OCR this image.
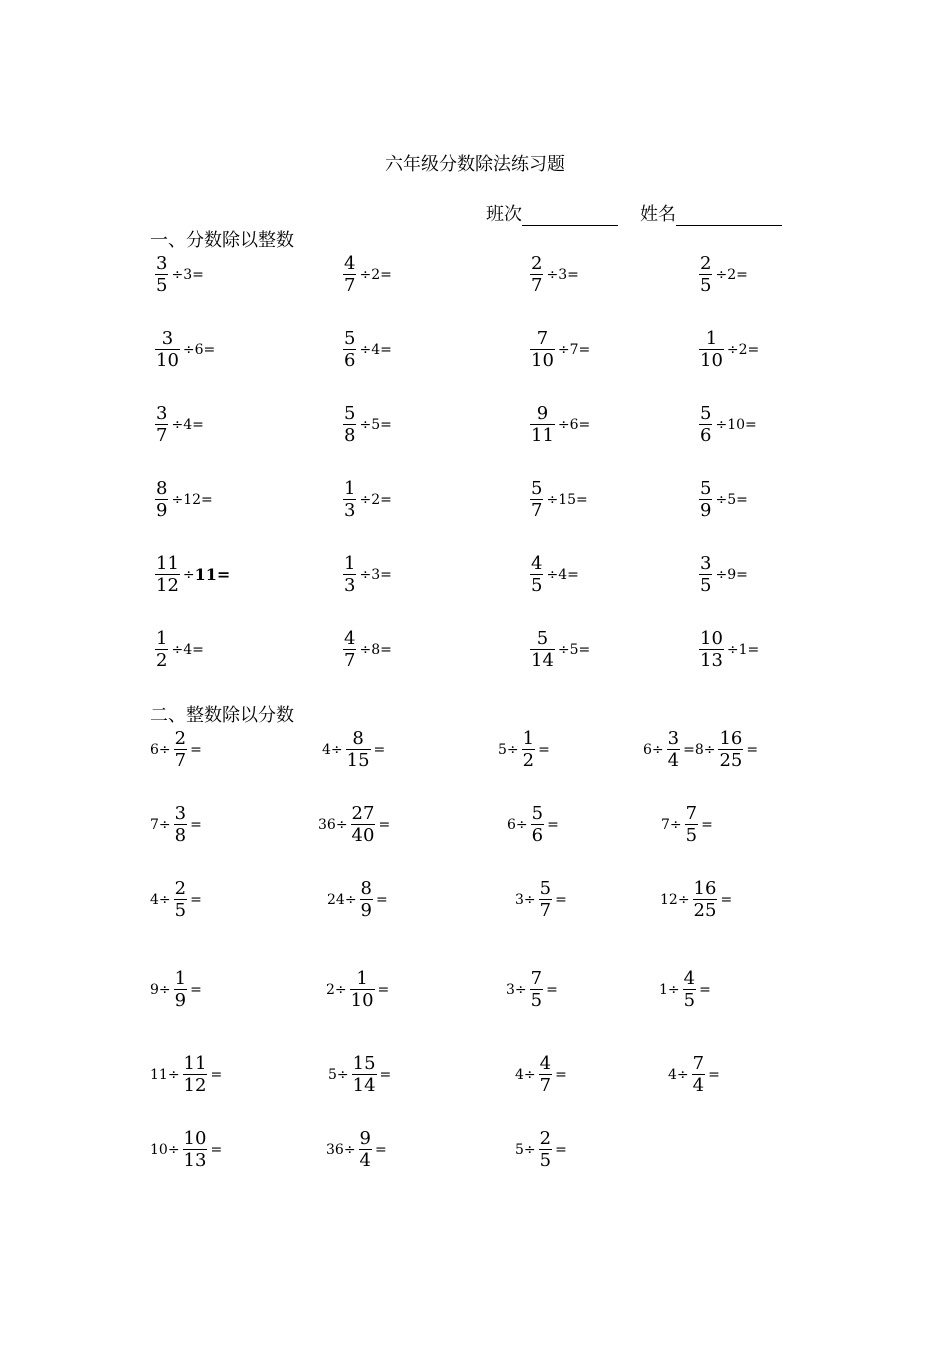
六年级分数除法练习题
班次	姓名
一、分数除以整数
二、整数除以分数
$\frac{3}{5} \div 3=$	$\frac{4}{7} \div 2=$	$\frac{2}{7} \div 3=$	$\frac{2}{5} \div 2=$
$\frac{3}{10} \div 6=$	$\frac{5}{6} \div 4=$	$\frac{7}{10} \div 7=$	$\frac{1}{10} \div 2=$
$\frac{3}{7} \div 4=$	$\frac{5}{8} \div 5=$	$\frac{9}{11} \div 6=$	$\frac{5}{6} \div 10=$
$\frac{8}{9} \div 12=$	$\frac{1}{3} \div 2=$	$\frac{5}{7} \div 15=$	$\frac{5}{9} \div 5=$
$\frac{11}{12} \div 11=$	$\frac{1}{3} \div 3=$	$\frac{4}{5} \div 4=$	$\frac{3}{5} \div 9=$
$\frac{1}{2} \div 4=$	$\frac{4}{7} \div 8=$	$\frac{5}{14} \div 5=$	$\frac{10}{13} \div 1=$
$6\div \frac{2}{7}$ =	$4\div \frac{8}{15}$ =	$5\div \frac{1}{2}$ =	$6\div \frac{3}{4} =8\div \frac{16}{25}$ =
$7\div \frac{3}{8}$ =	$36\div \frac{27}{40}$ =	$6\div \frac{5}{6}$ =	$7\div \frac{7}{5}$ =
$4\div \frac{2}{5}$ =	$24\div \frac{8}{9}$ =	$3\div \frac{5}{7}$ =	$12\div \frac{16}{25}$ =
$9\div \frac{1}{9}$ =	$2\div \frac{1}{10}$ =	$3\div \frac{7}{5}$ =	$1\div \frac{4}{5}$ =
$11\div \frac{11}{12}$ =	$5\div \frac{15}{14}$ =	$4\div \frac{4}{7}$ =	$4\div \frac{7}{4}$ =
$10\div \frac{10}{13}$ =	$36\div \frac{9}{4}$ =	$5\div \frac{2}{5}$ =
